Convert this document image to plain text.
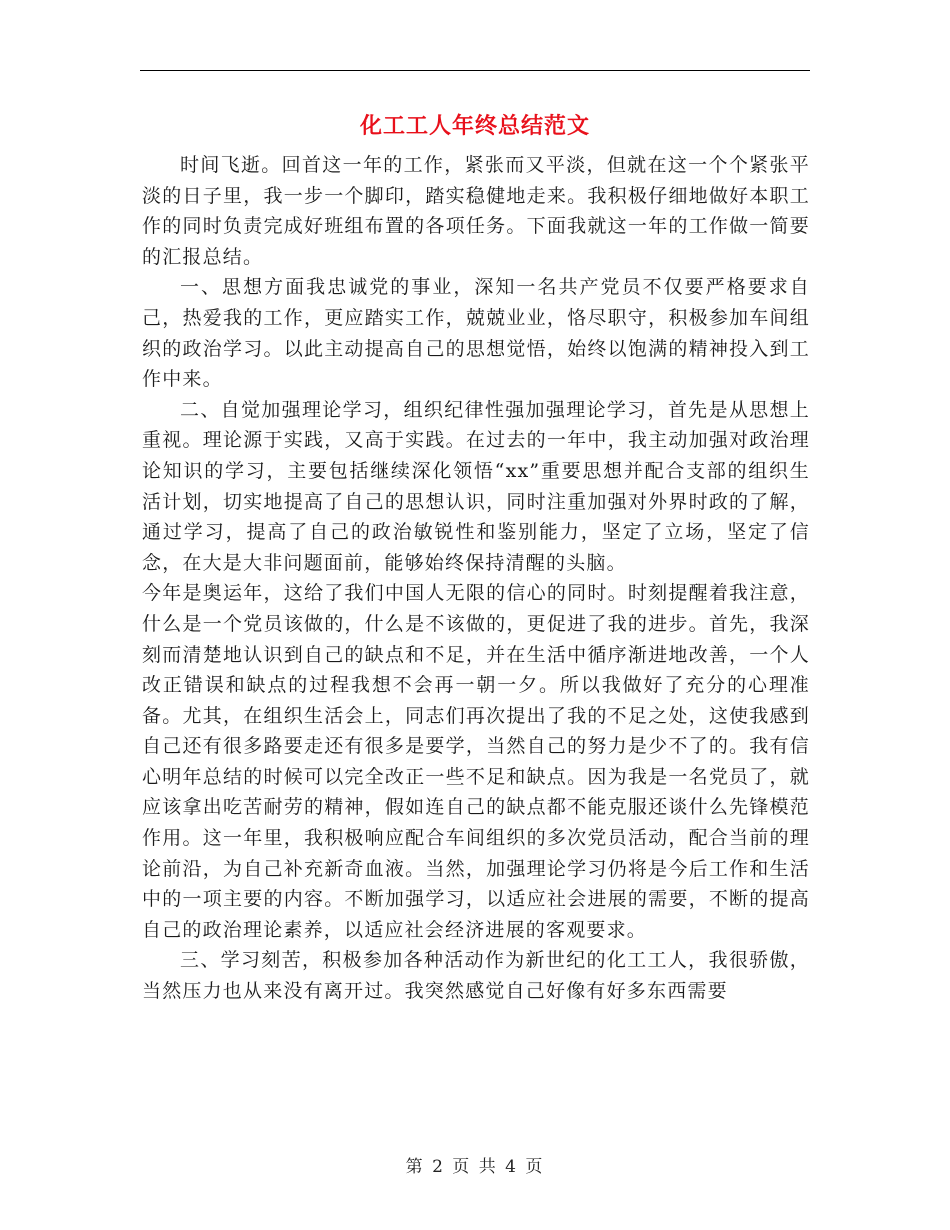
化工工人年终总结范文

时间飞逝。回首这一年的工作，紧张而又平淡，但就在这一个个紧张平淡的日子里，我一步一个脚印，踏实稳健地走来。我积极仔细地做好本职工作的同时负责完成好班组布置的各项任务。下面我就这一年的工作做一简要的汇报总结。

一、思想方面我忠诚党的事业，深知一名共产党员不仅要严格要求自己，热爱我的工作，更应踏实工作，兢兢业业，恪尽职守，积极参加车间组织的政治学习。以此主动提高自己的思想觉悟，始终以饱满的精神投入到工作中来。

二、自觉加强理论学习，组织纪律性强加强理论学习，首先是从思想上重视。理论源于实践，又高于实践。在过去的一年中，我主动加强对政治理论知识的学习，主要包括继续深化领悟“xx”重要思想并配合支部的组织生活计划，切实地提高了自己的思想认识，同时注重加强对外界时政的了解，通过学习，提高了自己的政治敏锐性和鉴别能力，坚定了立场，坚定了信念，在大是大非问题面前，能够始终保持清醒的头脑。

今年是奥运年，这给了我们中国人无限的信心的同时。时刻提醒着我注意，什么是一个党员该做的，什么是不该做的，更促进了我的进步。首先，我深刻而清楚地认识到自己的缺点和不足，并在生活中循序渐进地改善，一个人改正错误和缺点的过程我想不会再一朝一夕。所以我做好了充分的心理准备。尤其，在组织生活会上，同志们再次提出了我的不足之处，这使我感到自己还有很多路要走还有很多是要学，当然自己的努力是少不了的。我有信心明年总结的时候可以完全改正一些不足和缺点。因为我是一名党员了，就应该拿出吃苦耐劳的精神，假如连自己的缺点都不能克服还谈什么先锋模范作用。这一年里，我积极响应配合车间组织的多次党员活动，配合当前的理论前沿，为自己补充新奇血液。当然，加强理论学习仍将是今后工作和生活中的一项主要的内容。不断加强学习，以适应社会进展的需要，不断的提高自己的政治理论素养，以适应社会经济进展的客观要求。

三、学习刻苦，积极参加各种活动作为新世纪的化工工人，我很骄傲，当然压力也从来没有离开过。我突然感觉自己好像有好多东西需要

第 2 页 共 4 页
